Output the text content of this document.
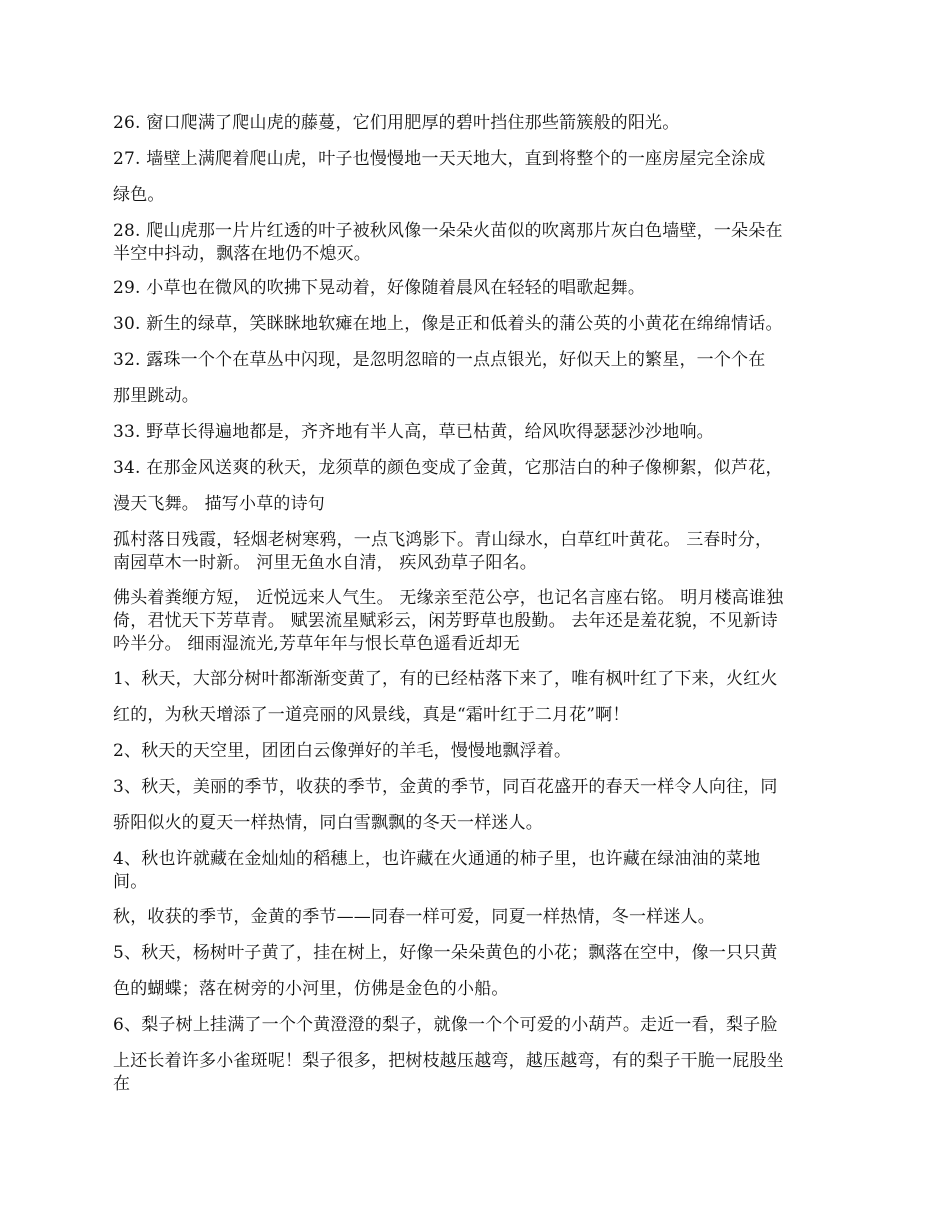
26. 窗口爬满了爬山虎的藤蔓，它们用肥厚的碧叶挡住那些箭簇般的阳光。
27. 墙壁上满爬着爬山虎，叶子也慢慢地一天天地大，直到将整个的一座房屋完全涂成
绿色。
28. 爬山虎那一片片红透的叶子被秋风像一朵朵火苗似的吹离那片灰白色墙壁，一朵朵在
半空中抖动，飘落在地仍不熄灭。
29. 小草也在微风的吹拂下晃动着，好像随着晨风在轻轻的唱歌起舞。
30. 新生的绿草，笑眯眯地软瘫在地上，像是正和低着头的蒲公英的小黄花在绵绵情话。
32. 露珠一个个在草丛中闪现，是忽明忽暗的一点点银光，好似天上的繁星，一个个在
那里跳动。
33. 野草长得遍地都是，齐齐地有半人高，草已枯黄，给风吹得瑟瑟沙沙地响。
34. 在那金风送爽的秋天，龙须草的颜色变成了金黄，它那洁白的种子像柳絮，似芦花，
漫天飞舞。 描写小草的诗句
孤村落日残霞，轻烟老树寒鸦，一点飞鸿影下。青山绿水，白草红叶黄花。 三春时分，
南园草木一时新。 河里无鱼水自清， 疾风劲草子阳名。
佛头着粪缏方短， 近悦远来人气生。 无缘亲至范公亭，也记名言座右铭。 明月楼高谁独
倚，君忧天下芳草青。 赋罢流星赋彩云，闲芳野草也殷勤。 去年还是羞花貌，不见新诗
吟半分。 细雨湿流光,芳草年年与恨长草色遥看近却无
1、秋天，大部分树叶都渐渐变黄了，有的已经枯落下来了，唯有枫叶红了下来，火红火
红的，为秋天增添了一道亮丽的风景线，真是“霜叶红于二月花”啊！
2、秋天的天空里，团团白云像弹好的羊毛，慢慢地飘浮着。
3、秋天，美丽的季节，收获的季节，金黄的季节，同百花盛开的春天一样令人向往，同
骄阳似火的夏天一样热情，同白雪飘飘的冬天一样迷人。
4、秋也许就藏在金灿灿的稻穗上，也许藏在火通通的柿子里，也许藏在绿油油的菜地
间。
秋，收获的季节，金黄的季节——同春一样可爱，同夏一样热情，冬一样迷人。
5、秋天，杨树叶子黄了，挂在树上，好像一朵朵黄色的小花；飘落在空中，像一只只黄
色的蝴蝶；落在树旁的小河里，仿佛是金色的小船。
6、梨子树上挂满了一个个黄澄澄的梨子，就像一个个可爱的小葫芦。走近一看，梨子脸
上还长着许多小雀斑呢！梨子很多，把树枝越压越弯，越压越弯，有的梨子干脆一屁股坐
在
